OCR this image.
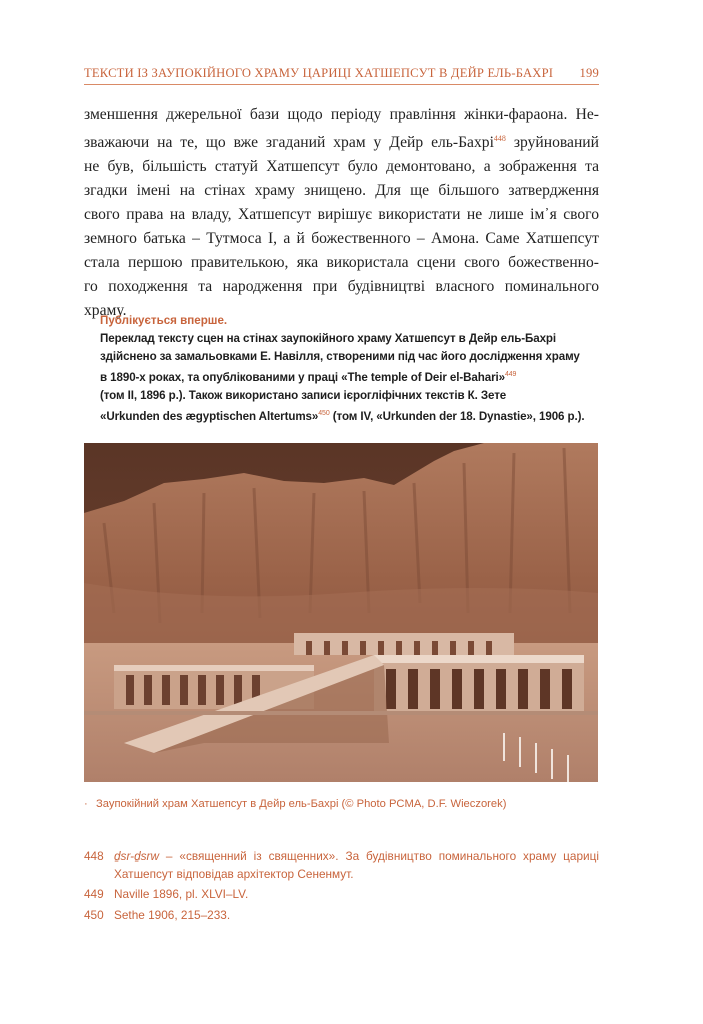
ТЕКСТИ ІЗ ЗАУПОКІЙНОГО ХРАМУ ЦАРИЦІ ХАТШЕПСУТ В ДЕЙР ЕЛЬ-БАХРІ 199
зменшення джерельної бази щодо періоду правління жінки-фараона. Не-
зважаючи на те, що вже згаданий храм у Дейр ель-Бахрі$^{448}$ зруйнований
не був, більшість статуй Хатшепсут було демонтовано, а зображення та
згадки імені на стінах храму знищено. Для ще більшого затвердження
свого права на владу, Хатшепсут вирішує використати не лише ім᾽я свого
земного батька – Тутмоса І, а й божественного – Амона. Саме Хатшепсут
стала першою правителькою, яка використала сцени свого божественно-
го походження та народження при будівництві власного поминального
храму.
Публікується вперше.
Переклад тексту сцен на стінах заупокійного храму Хатшепсут в Дейр ель-Бахрі
здійснено за замальовками Е. Навілля, створеними під час його дослідження храму
в 1890-х роках, та опублікованими у праці «The temple of Deir el-Bahari»$^{449}$
(том ІІ, 1896 р.). Також використано записи ієрогліфічних текстів К. Зете
«Urkunden des ægyptischen Altertums»$^{450}$ (том IV, «Urkunden der 18. Dynastie», 1906 р.).
· Заупокійний храм Хатшепсут в Дейр ель-Бахрі (© Photo PCMA, D.F. Wieczorek)
448 ḏsr-ḏsrw – «священний із священних». За будівництво поминального храму цариці Хатшепсут відповідав архітектор Сененмут.
449 Naville 1896, pl. XLVI–LV.
450 Sethe 1906, 215–233.
